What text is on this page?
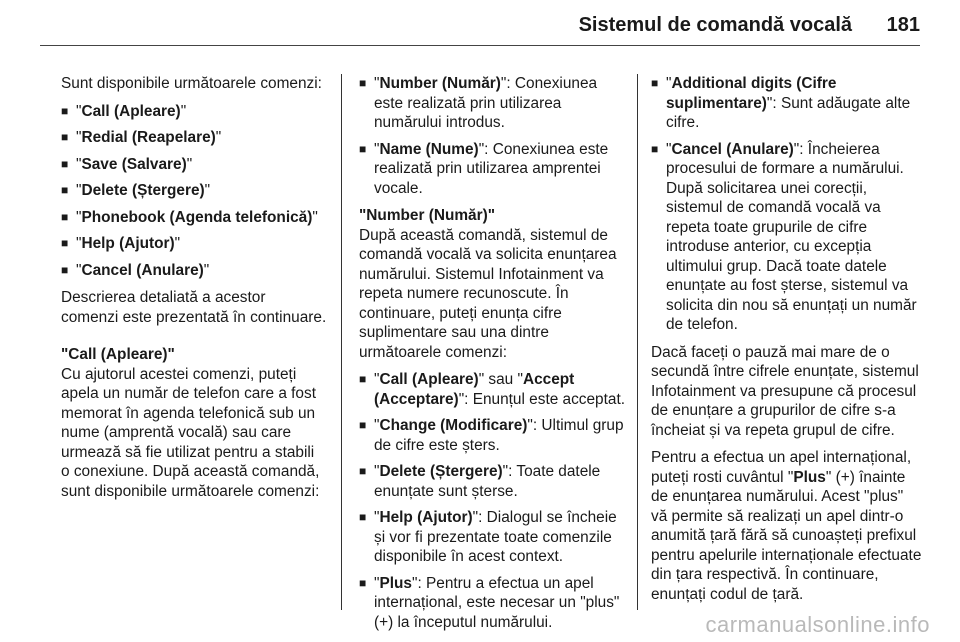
Sistemul de comandă vocală 181

Sunt disponibile următoarele comenzi:

■ "Call (Apleare)"
■ "Redial (Reapelare)"
■ "Save (Salvare)"
■ "Delete (Ștergere)"
■ "Phonebook (Agenda telefonică)"
■ "Help (Ajutor)"
■ "Cancel (Anulare)"

Descrierea detaliată a acestor comenzi este prezentată în continuare.

"Call (Apleare)"

Cu ajutorul acestei comenzi, puteți apela un număr de telefon care a fost memorat în agenda telefonică sub un nume (amprentă vocală) sau care urmează să fie utilizat pentru a stabili o conexiune. După această comandă, sunt disponibile următoarele comenzi:

■ "Number (Număr)": Conexiunea este realizată prin utilizarea numărului introdus.
■ "Name (Nume)": Conexiunea este realizată prin utilizarea amprentei vocale.

"Number (Număr)"

După această comandă, sistemul de comandă vocală va solicita enunțarea numărului. Sistemul Infotainment va repeta numere recunoscute. În continuare, puteți enunța cifre suplimentare sau una dintre următoarele comenzi:

■ "Call (Apleare)" sau "Accept (Acceptare)": Enunțul este acceptat.
■ "Change (Modificare)": Ultimul grup de cifre este șters.
■ "Delete (Ștergere)": Toate datele enunțate sunt șterse.
■ "Help (Ajutor)": Dialogul se încheie și vor fi prezentate toate comenzile disponibile în acest context.
■ "Plus": Pentru a efectua un apel internațional, este necesar un "plus" (+) la începutul numărului.
■ "Additional digits (Cifre suplimentare)": Sunt adăugate alte cifre.
■ "Cancel (Anulare)": Încheierea procesului de formare a numărului. După solicitarea unei corecții, sistemul de comandă vocală va repeta toate grupurile de cifre introduse anterior, cu excepția ultimului grup. Dacă toate datele enunțate au fost șterse, sistemul va solicita din nou să enunțați un număr de telefon.

Dacă faceți o pauză mai mare de o secundă între cifrele enunțate, sistemul Infotainment va presupune că procesul de enunțare a grupurilor de cifre s-a încheiat și va repeta grupul de cifre.

Pentru a efectua un apel internațional, puteți rosti cuvântul "Plus" (+) înainte de enunțarea numărului. Acest "plus" vă permite să realizați un apel dintr-o anumită țară fără să cunoașteți prefixul pentru apelurile internaționale efectuate din țara respectivă. În continuare, enunțați codul de țară.

carmanualsonline.info
